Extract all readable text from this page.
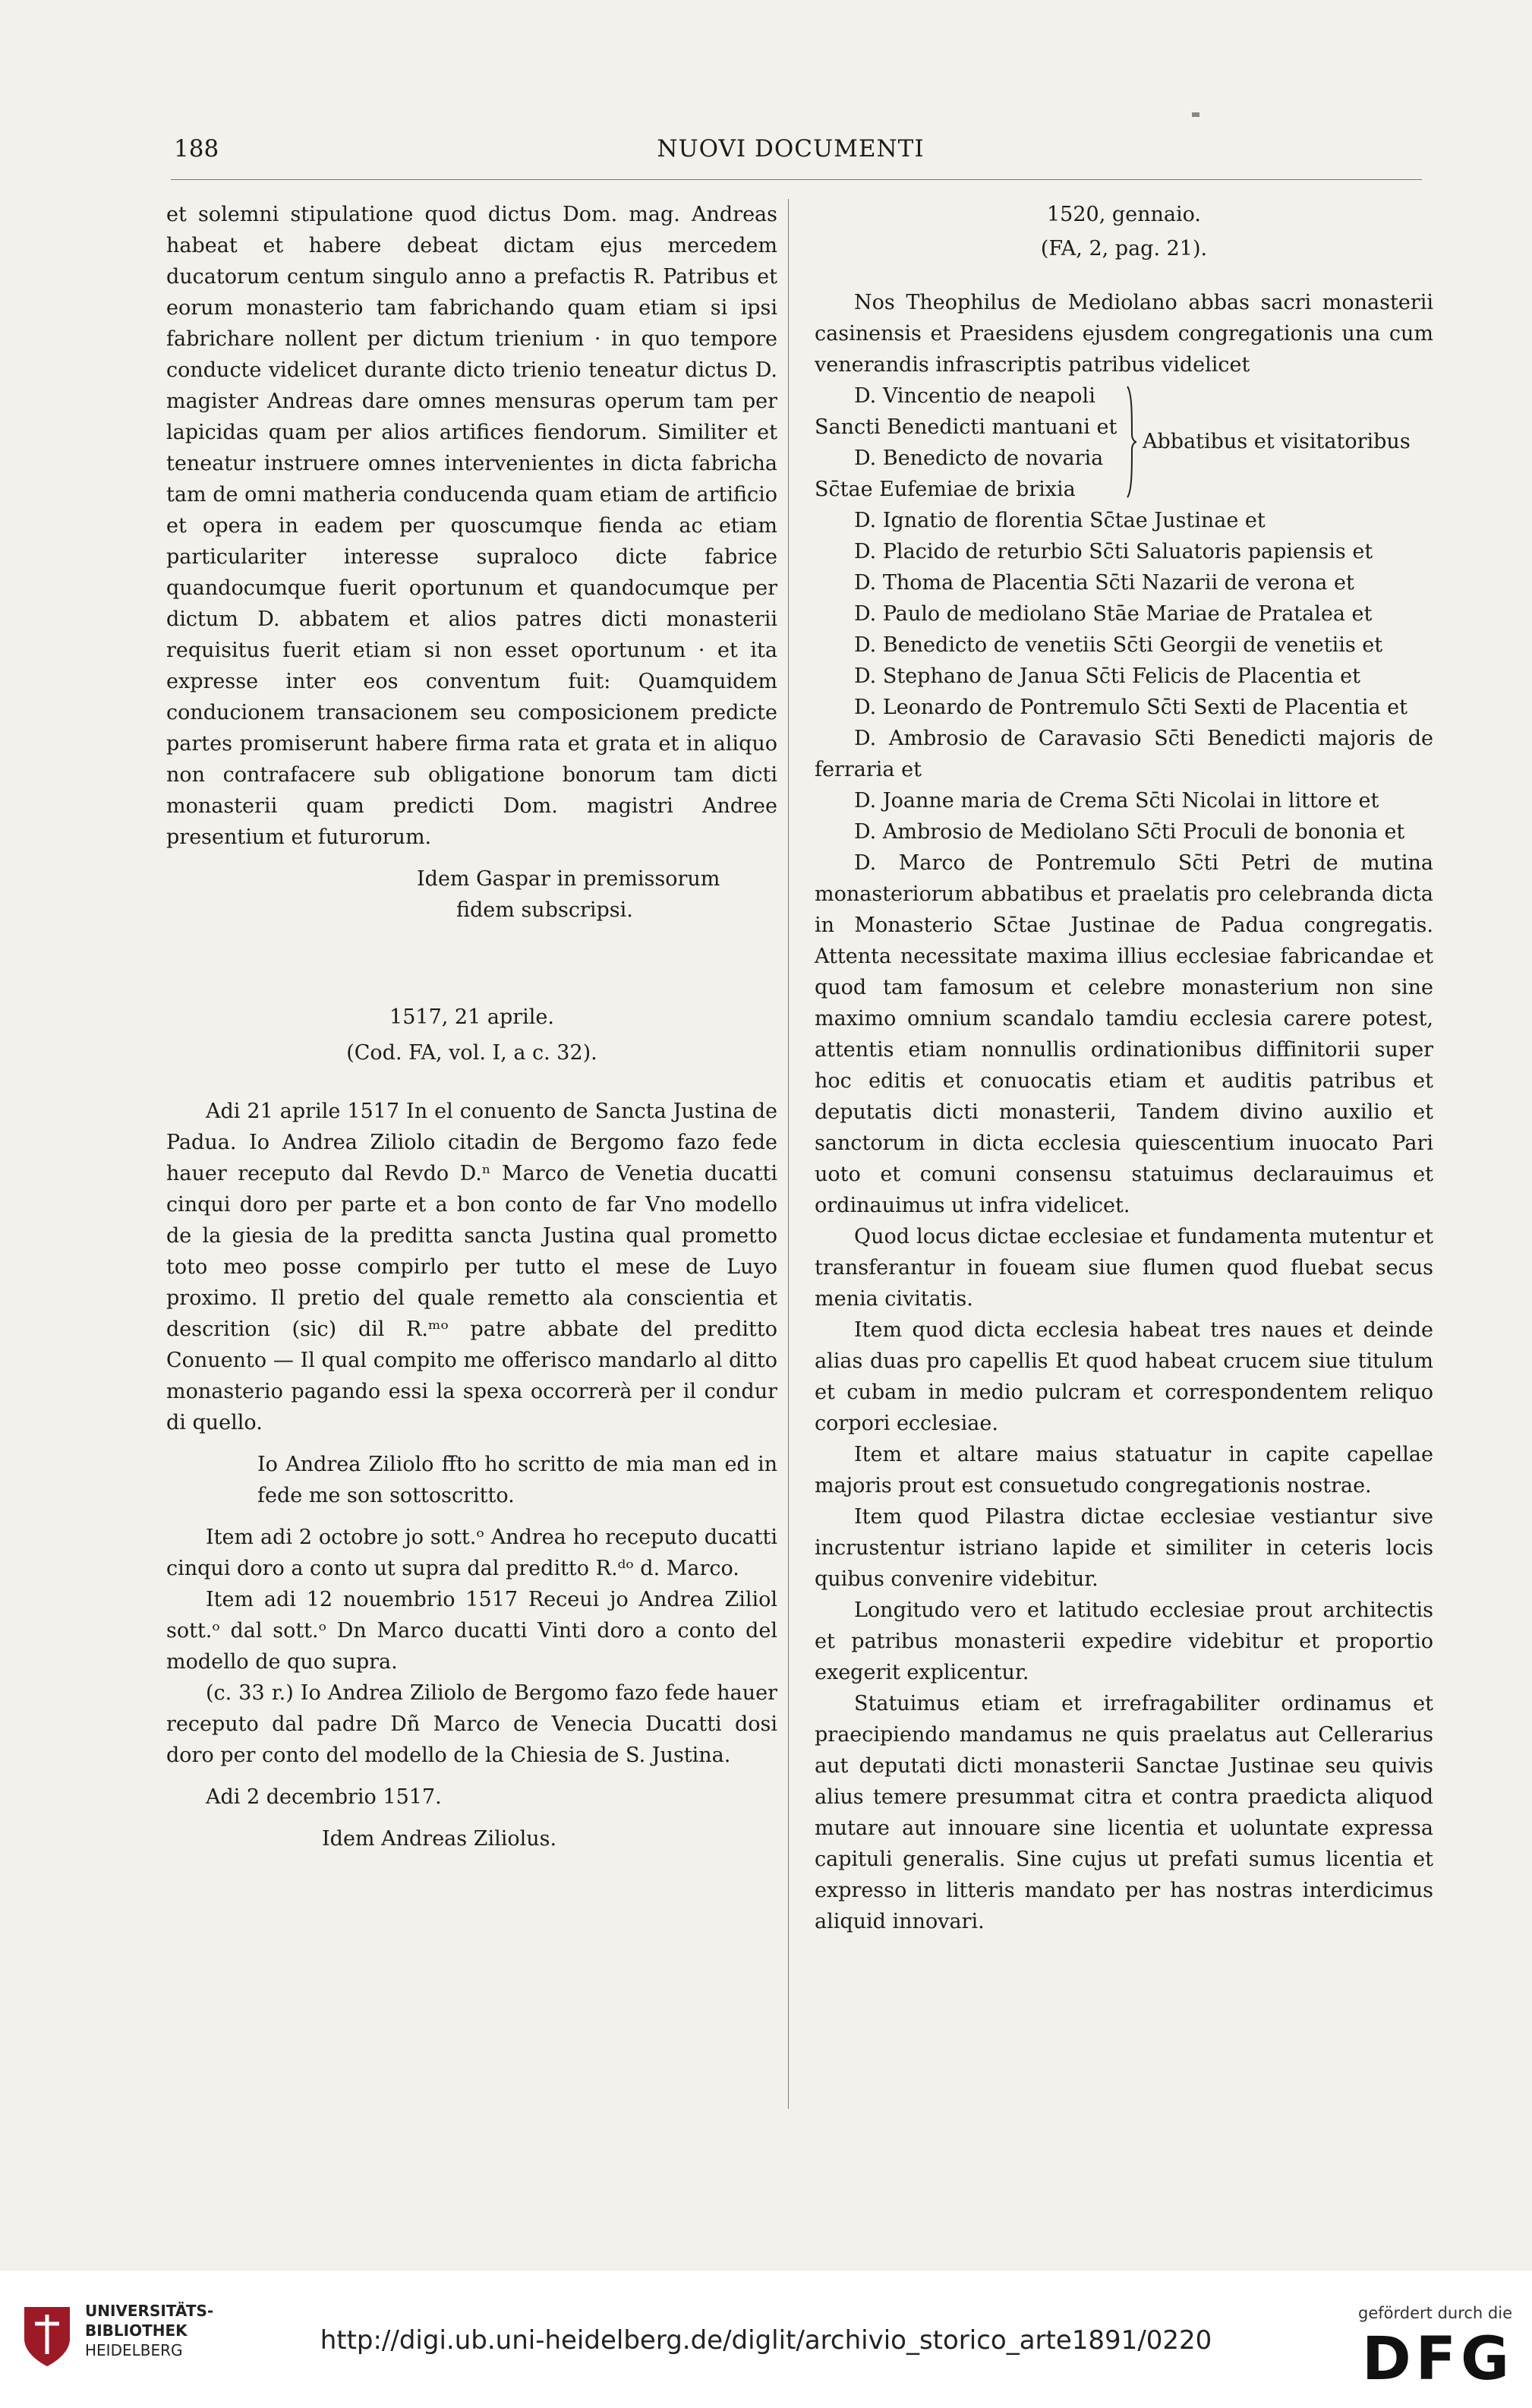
188	NUOVI DOCUMENTI

et solemni stipulatione quod dictus Dom. mag. Andreas habeat et habere debeat dictam ejus mercedem ducatorum centum singulo anno a prefactis R. Patribus et eorum monasterio tam fabrichando quam etiam si ipsi fabrichare nollent per dictum trienium · in quo tempore conducte videlicet durante dicto trienio teneatur dictus D. magister Andreas dare omnes mensuras operum tam per lapicidas quam per alios artifices fiendorum. Similiter et teneatur instruere omnes intervenientes in dicta fabricha tam de omni matheria conducenda quam etiam de artificio et opera in eadem per quoscumque fienda ac etiam particulariter interesse supraloco dicte fabrice quandocumque fuerit oportunum et quandocumque per dictum D. abbatem et alios patres dicti monasterii requisitus fuerit etiam si non esset oportunum · et ita expresse inter eos conventum fuit: Quamquidem conducionem transacionem seu composicionem predicte partes promiserunt habere firma rata et grata et in aliquo non contrafacere sub obligatione bonorum tam dicti monasterii quam predicti Dom. magistri Andree presentium et futurorum.

Idem Gaspar in premissorum
fidem subscripsi.
1517, 21 aprile.
(Cod. FA, vol. I, a c. 32).

Adi 21 aprile 1517 In el conuento de Sancta Justina de Padua. Io Andrea Ziliolo citadin de Bergomo fazo fede hauer receputo dal Revdo D.ⁿ Marco de Venetia ducatti cinqui doro per parte et a bon conto de far Vno modello de la giesia de la preditta sancta Justina qual prometto toto meo posse compirlo per tutto el mese de Luyo proximo. Il pretio del quale remetto ala conscientia et descrition (sic) dil R.ᵐᵒ patre abbate del preditto Conuento — Il qual compito me offerisco mandarlo al ditto monasterio pagando essi la spexa occorrerà per il condur di quello.

Io Andrea Ziliolo ff̄to ho scritto de mia man ed in fede me son sottoscritto.

Item adi 2 octobre jo sott.ᵒ Andrea ho receputo ducatti cinqui doro a conto ut supra dal preditto R.ᵈᵒ d. Marco.

Item adi 12 nouembrio 1517 Receui jo Andrea Ziliol sott.ᵒ dal sott.ᵒ Dn Marco ducatti Vinti doro a conto del modello de quo supra.

(c. 33 r.) Io Andrea Ziliolo de Bergomo fazo fede hauer receputo dal padre Dñ Marco de Venecia Ducatti dosi doro per conto del modello de la Chiesia de S. Justina.

Adi 2 decembrio 1517.

Idem Andreas Ziliolus.
1520, gennaio.
(FA, 2, pag. 21).

Nos Theophilus de Mediolano abbas sacri monasterii casinensis et Praesidens ejusdem congregationis una cum venerandis infrascriptis patribus videlicet

D. Vincentio de neapoli
Sancti Benedicti mantuani et
D. Benedicto de novaria
Sc̄tae Eufemiae de brixia
Abbatibus et visitatoribus
D. Ignatio de florentia Sc̄tae Justinae et
D. Placido de returbio Sc̄ti Saluatoris papiensis et
D. Thoma de Placentia Sc̄ti Nazarii de verona et
D. Paulo de mediolano Stāe Mariae de Pratalea et
D. Benedicto de venetiis Sc̄ti Georgii de venetiis et
D. Stephano de Janua Sc̄ti Felicis de Placentia et
D. Leonardo de Pontremulo Sc̄ti Sexti de Placentia et

D. Ambrosio de Caravasio Sc̄ti Benedicti majoris de ferraria et

D. Joanne maria de Crema Sc̄ti Nicolai in littore et
D. Ambrosio de Mediolano Sc̄ti Proculi de bononia et

D. Marco de Pontremulo Sc̄ti Petri de mutina monasteriorum abbatibus et praelatis pro celebranda dicta in Monasterio Sc̄tae Justinae de Padua congregatis. Attenta necessitate maxima illius ecclesiae fabricandae et quod tam famosum et celebre monasterium non sine maximo omnium scandalo tamdiu ecclesia carere potest, attentis etiam nonnullis ordinationibus diffinitorii super hoc editis et conuocatis etiam et auditis patribus et deputatis dicti monasterii, Tandem divino auxilio et sanctorum in dicta ecclesia quiescentium inuocato Pari uoto et comuni consensu statuimus declarauimus et ordinauimus ut infra videlicet.

Quod locus dictae ecclesiae et fundamenta mutentur et transferantur in foueam siue flumen quod fluebat secus menia civitatis.

Item quod dicta ecclesia habeat tres naues et deinde alias duas pro capellis Et quod habeat crucem siue titulum et cubam in medio pulcram et correspondentem reliquo corpori ecclesiae.

Item et altare maius statuatur in capite capellae majoris prout est consuetudo congregationis nostrae.

Item quod Pilastra dictae ecclesiae vestiantur sive incrustentur istriano lapide et similiter in ceteris locis quibus convenire videbitur.

Longitudo vero et latitudo ecclesiae prout architectis et patribus monasterii expedire videbitur et proportio exegerit explicentur.

Statuimus etiam et irrefragabiliter ordinamus et praecipiendo mandamus ne quis praelatus aut Cellerarius aut deputati dicti monasterii Sanctae Justinae seu quivis alius temere presummat citra et contra praedicta aliquod mutare aut innouare sine licentia et uoluntate expressa capituli generalis. Sine cujus ut prefati sumus licentia et expresso in litteris mandato per has nostras interdicimus aliquid innovari.

UNIVERSITÄTS-
BIBLIOTHEK
HEIDELBERG	http://digi.ub.uni-heidelberg.de/diglit/archivio_storico_arte1891/0220
gefördert durch die
DFG
